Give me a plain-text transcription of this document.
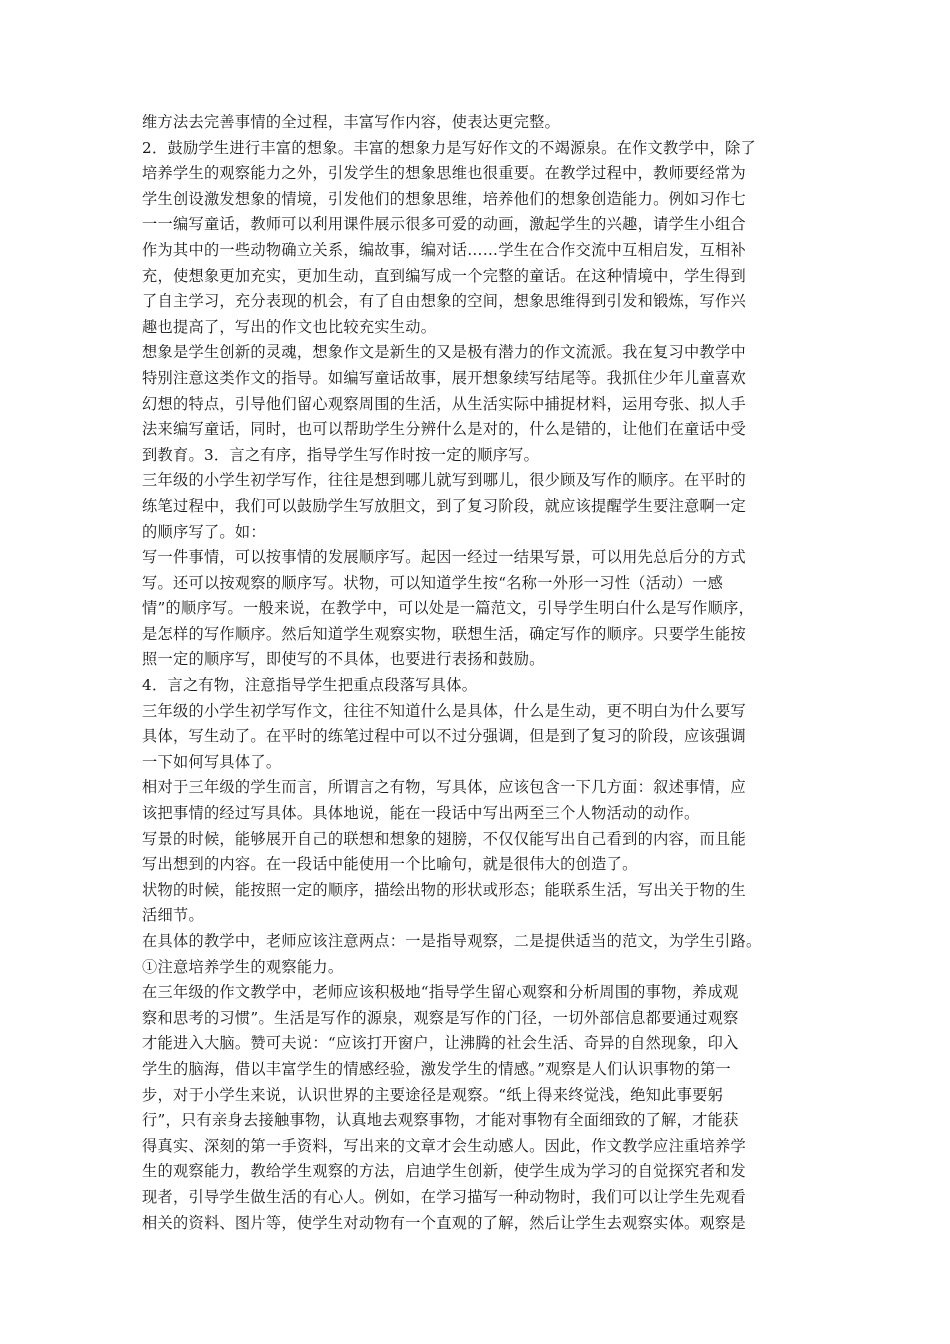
维方法去完善事情的全过程，丰富写作内容，使表达更完整。
2．鼓励学生进行丰富的想象。丰富的想象力是写好作文的不竭源泉。在作文教学中，除了
培养学生的观察能力之外，引发学生的想象思维也很重要。在教学过程中，教师要经常为
学生创设激发想象的情境，引发他们的想象思维，培养他们的想象创造能力。例如习作七
一一编写童话，教师可以利用课件展示很多可爱的动画，激起学生的兴趣，请学生小组合
作为其中的一些动物确立关系，编故事，编对话……学生在合作交流中互相启发，互相补
充，使想象更加充实，更加生动，直到编写成一个完整的童话。在这种情境中，学生得到
了自主学习，充分表现的机会，有了自由想象的空间，想象思维得到引发和锻炼，写作兴
趣也提高了，写出的作文也比较充实生动。
想象是学生创新的灵魂，想象作文是新生的又是极有潜力的作文流派。我在复习中教学中
特别注意这类作文的指导。如编写童话故事，展开想象续写结尾等。我抓住少年儿童喜欢
幻想的特点，引导他们留心观察周围的生活，从生活实际中捕捉材料，运用夸张、拟人手
法来编写童话，同时，也可以帮助学生分辨什么是对的，什么是错的，让他们在童话中受
到教育。3．言之有序，指导学生写作时按一定的顺序写。
三年级的小学生初学写作，往往是想到哪儿就写到哪儿，很少顾及写作的顺序。在平时的
练笔过程中，我们可以鼓励学生写放胆文，到了复习阶段，就应该提醒学生要注意啊一定
的顺序写了。如：
写一件事情，可以按事情的发展顺序写。起因一经过一结果写景，可以用先总后分的方式
写。还可以按观察的顺序写。状物，可以知道学生按“名称一外形一习性（活动）一感
情”的顺序写。一般来说，在教学中，可以处是一篇范文，引导学生明白什么是写作顺序，
是怎样的写作顺序。然后知道学生观察实物，联想生活，确定写作的顺序。只要学生能按
照一定的顺序写，即使写的不具体，也要进行表扬和鼓励。
4．言之有物，注意指导学生把重点段落写具体。
三年级的小学生初学写作文，往往不知道什么是具体，什么是生动，更不明白为什么要写
具体，写生动了。在平时的练笔过程中可以不过分强调，但是到了复习的阶段，应该强调
一下如何写具体了。
相对于三年级的学生而言，所谓言之有物，写具体，应该包含一下几方面：叙述事情，应
该把事情的经过写具体。具体地说，能在一段话中写出两至三个人物活动的动作。
写景的时候，能够展开自己的联想和想象的翅膀，不仅仅能写出自己看到的内容，而且能
写出想到的内容。在一段话中能使用一个比喻句，就是很伟大的创造了。
状物的时候，能按照一定的顺序，描绘出物的形状或形态；能联系生活，写出关于物的生
活细节。
在具体的教学中，老师应该注意两点：一是指导观察，二是提供适当的范文，为学生引路。
①注意培养学生的观察能力。
在三年级的作文教学中，老师应该积极地“指导学生留心观察和分析周围的事物，养成观
察和思考的习惯”。生活是写作的源泉，观察是写作的门径，一切外部信息都要通过观察
才能进入大脑。赞可夫说：“应该打开窗户，让沸腾的社会生活、奇异的自然现象，印入
学生的脑海，借以丰富学生的情感经验，激发学生的情感。”观察是人们认识事物的第一
步，对于小学生来说，认识世界的主要途径是观察。“纸上得来终觉浅，绝知此事要躬
行”，只有亲身去接触事物，认真地去观察事物，才能对事物有全面细致的了解，才能获
得真实、深刻的第一手资料，写出来的文章才会生动感人。因此，作文教学应注重培养学
生的观察能力，教给学生观察的方法，启迪学生创新，使学生成为学习的自觉探究者和发
现者，引导学生做生活的有心人。例如，在学习描写一种动物时，我们可以让学生先观看
相关的资料、图片等，使学生对动物有一个直观的了解，然后让学生去观察实体。观察是
